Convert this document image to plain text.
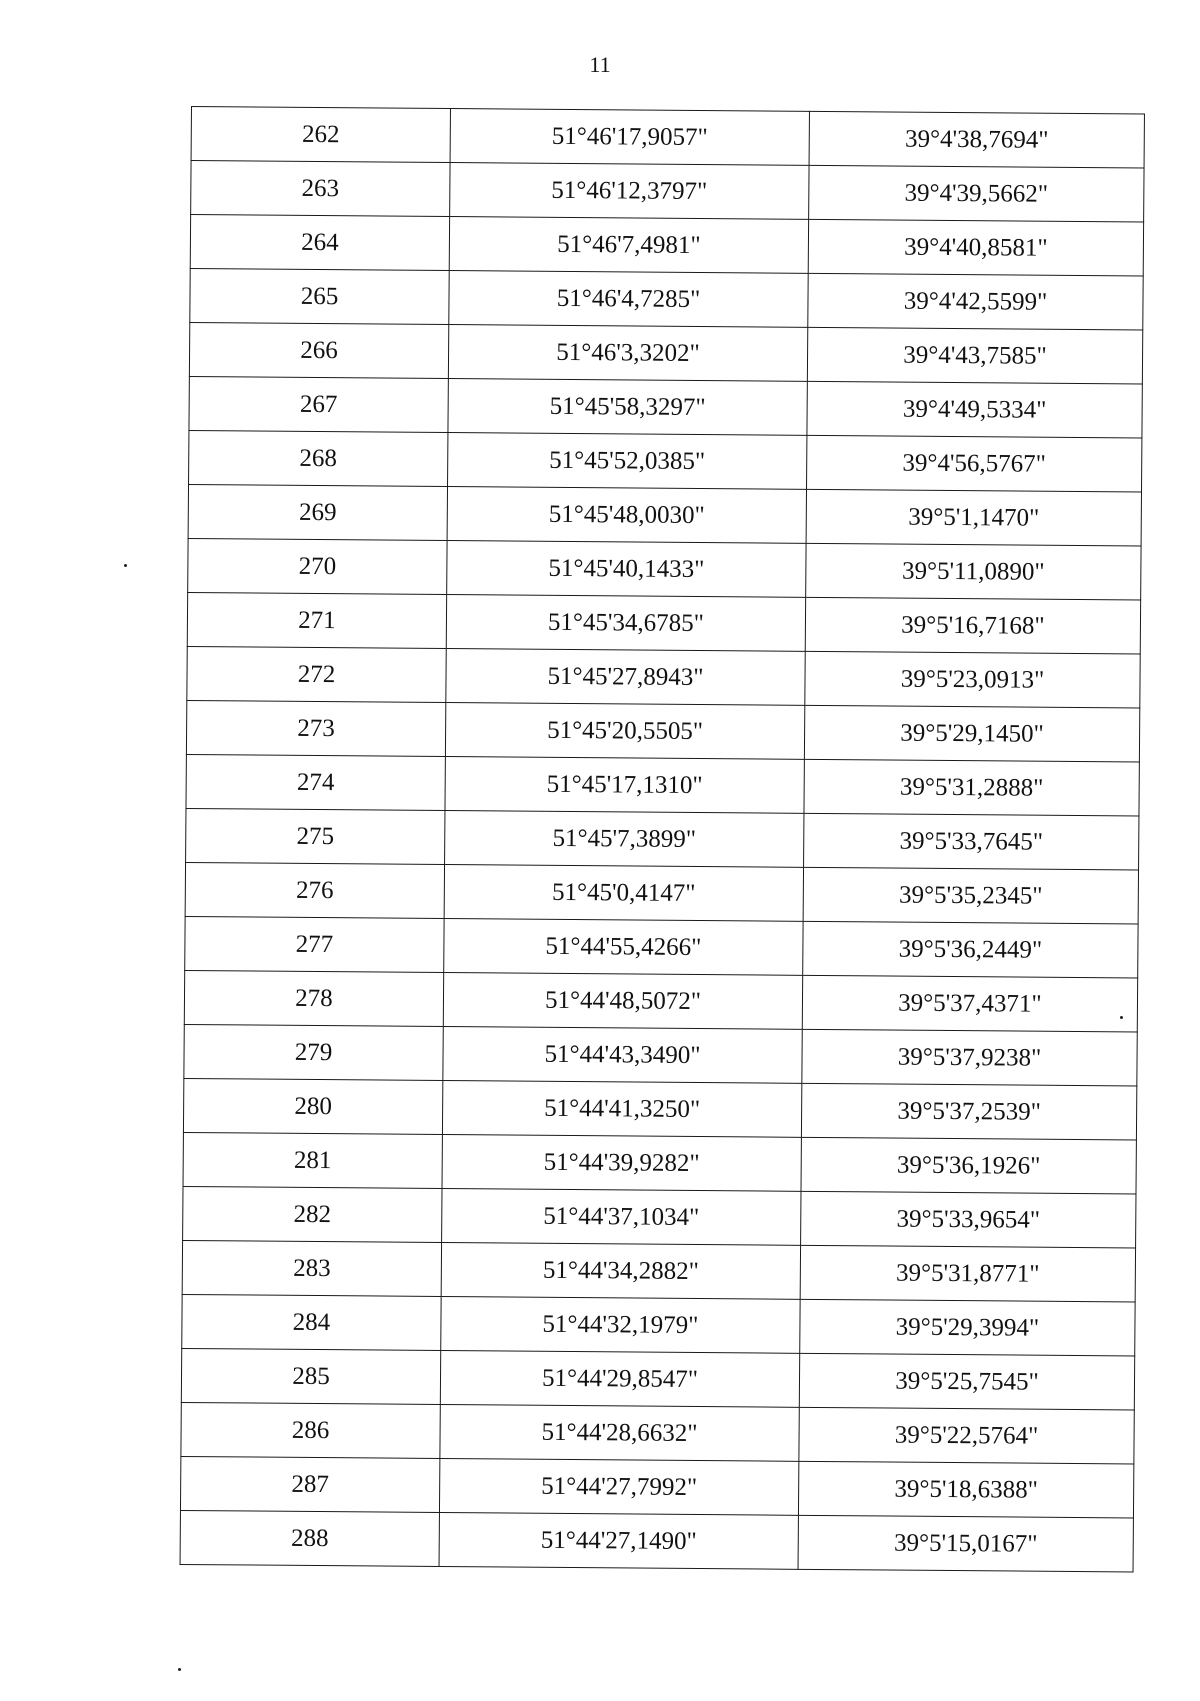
11
262	51°46'17,9057"	39°4'38,7694"
263	51°46'12,3797"	39°4'39,5662"
264	51°46'7,4981"	39°4'40,8581"
265	51°46'4,7285"	39°4'42,5599"
266	51°46'3,3202"	39°4'43,7585"
267	51°45'58,3297"	39°4'49,5334"
268	51°45'52,0385"	39°4'56,5767"
269	51°45'48,0030"	39°5'1,1470"
270	51°45'40,1433"	39°5'11,0890"
271	51°45'34,6785"	39°5'16,7168"
272	51°45'27,8943"	39°5'23,0913"
273	51°45'20,5505"	39°5'29,1450"
274	51°45'17,1310"	39°5'31,2888"
275	51°45'7,3899"	39°5'33,7645"
276	51°45'0,4147"	39°5'35,2345"
277	51°44'55,4266"	39°5'36,2449"
278	51°44'48,5072"	39°5'37,4371"
279	51°44'43,3490"	39°5'37,9238"
280	51°44'41,3250"	39°5'37,2539"
281	51°44'39,9282"	39°5'36,1926"
282	51°44'37,1034"	39°5'33,9654"
283	51°44'34,2882"	39°5'31,8771"
284	51°44'32,1979"	39°5'29,3994"
285	51°44'29,8547"	39°5'25,7545"
286	51°44'28,6632"	39°5'22,5764"
287	51°44'27,7992"	39°5'18,6388"
288	51°44'27,1490"	39°5'15,0167"
